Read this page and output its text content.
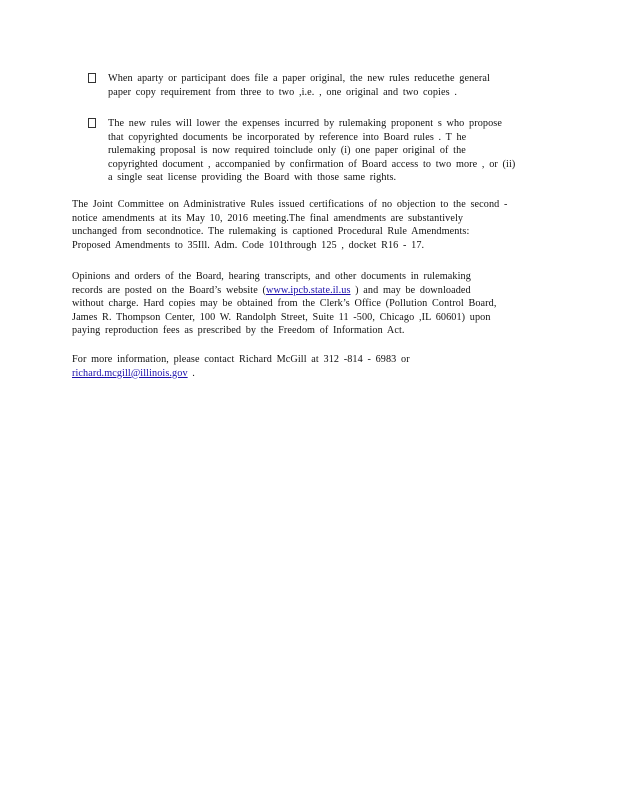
When aparty or participant does file a paper original, the new rules reducethe general
paper copy requirement from three to two ,i.e. , one original and two copies .
The new rules will lower the expenses incurred by rulemaking proponent s who propose
that copyrighted documents be incorporated by reference into Board rules . T he
rulemaking proposal is now required toinclude only (i) one paper original of the
copyrighted document , accompanied by confirmation of Board access to two more , or (ii)
a single seat license providing the Board with those same rights.
The Joint Committee on Administrative Rules issued certifications of no objection to the second -
notice amendments at its May 10, 2016 meeting.The final amendments are substantively
unchanged from secondnotice. The rulemaking is captioned Procedural Rule Amendments:
Proposed Amendments to 35Ill. Adm. Code 101through 125 , docket R16 - 17.
Opinions and orders of the Board, hearing transcripts, and other documents in rulemaking
records are posted on the Board’s website (www.ipcb.state.il.us ) and may be downloaded
without charge. Hard copies may be obtained from the Clerk’s Office (Pollution Control Board,
James R. Thompson Center, 100 W. Randolph Street, Suite 11 -500, Chicago ,IL 60601) upon
paying reproduction fees as prescribed by the Freedom of Information Act.
For more information, please contact Richard McGill at 312 -814 - 6983 or
richard.mcgill@illinois.gov .
